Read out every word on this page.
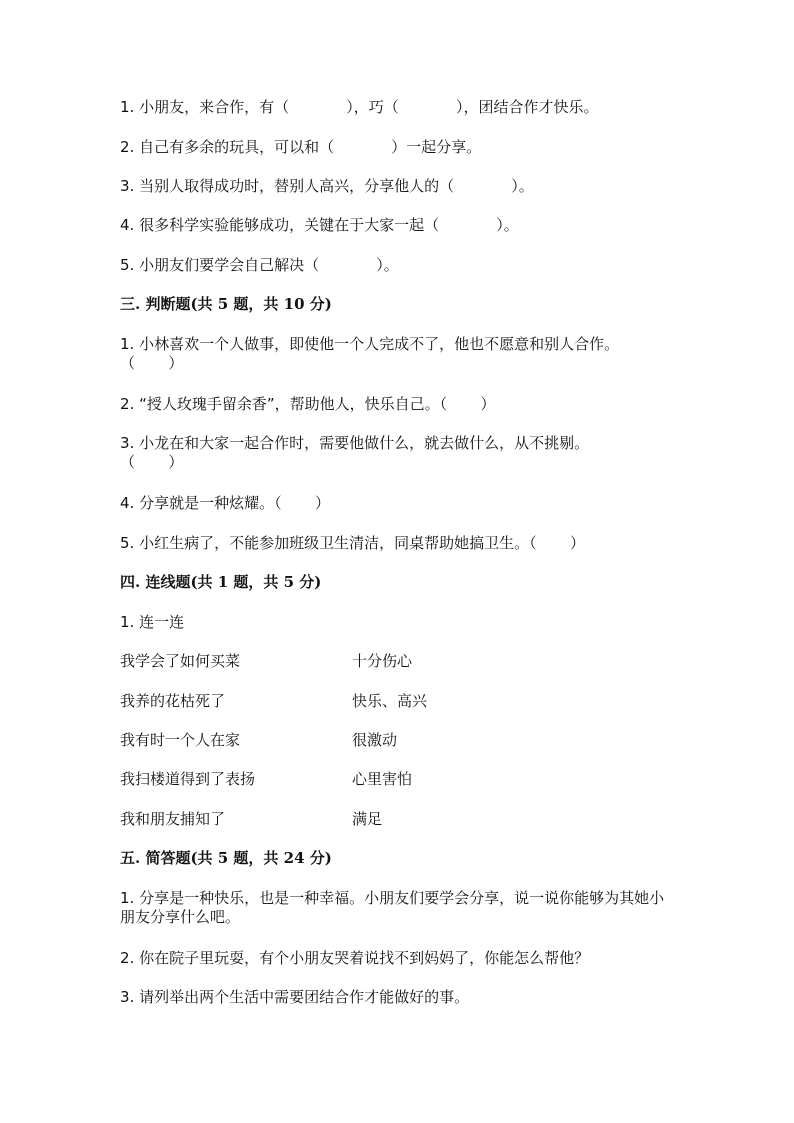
1. 小朋友，来合作，有（            ），巧（            ），团结合作才快乐。
2. 自己有多余的玩具，可以和（            ）一起分享。
3. 当别人取得成功时，替别人高兴，分享他人的（            ）。
4. 很多科学实验能够成功，关键在于大家一起（            ）。
5. 小朋友们要学会自己解决（            ）。
三. 判断题(共 5 题，共 10 分)
1. 小林喜欢一个人做事，即使他一个人完成不了，他也不愿意和别人合作。
（       ）
2. “授人玫瑰手留余香”，帮助他人，快乐自己。（       ）
3. 小龙在和大家一起合作时，需要他做什么，就去做什么，从不挑剔。
（       ）
4. 分享就是一种炫耀。（       ）
5. 小红生病了，不能参加班级卫生清洁，同桌帮助她搞卫生。（       ）
四. 连线题(共 1 题，共 5 分)
1. 连一连
我学会了如何买菜	十分伤心
我养的花枯死了	快乐、高兴
我有时一个人在家	很激动
我扫楼道得到了表扬	心里害怕
我和朋友捕知了	满足
五. 简答题(共 5 题，共 24 分)
1. 分享是一种快乐，也是一种幸福。小朋友们要学会分享，说一说你能够为其她小朋友分享什么吧。
2. 你在院子里玩耍，有个小朋友哭着说找不到妈妈了，你能怎么帮他？
3. 请列举出两个生活中需要团结合作才能做好的事。
